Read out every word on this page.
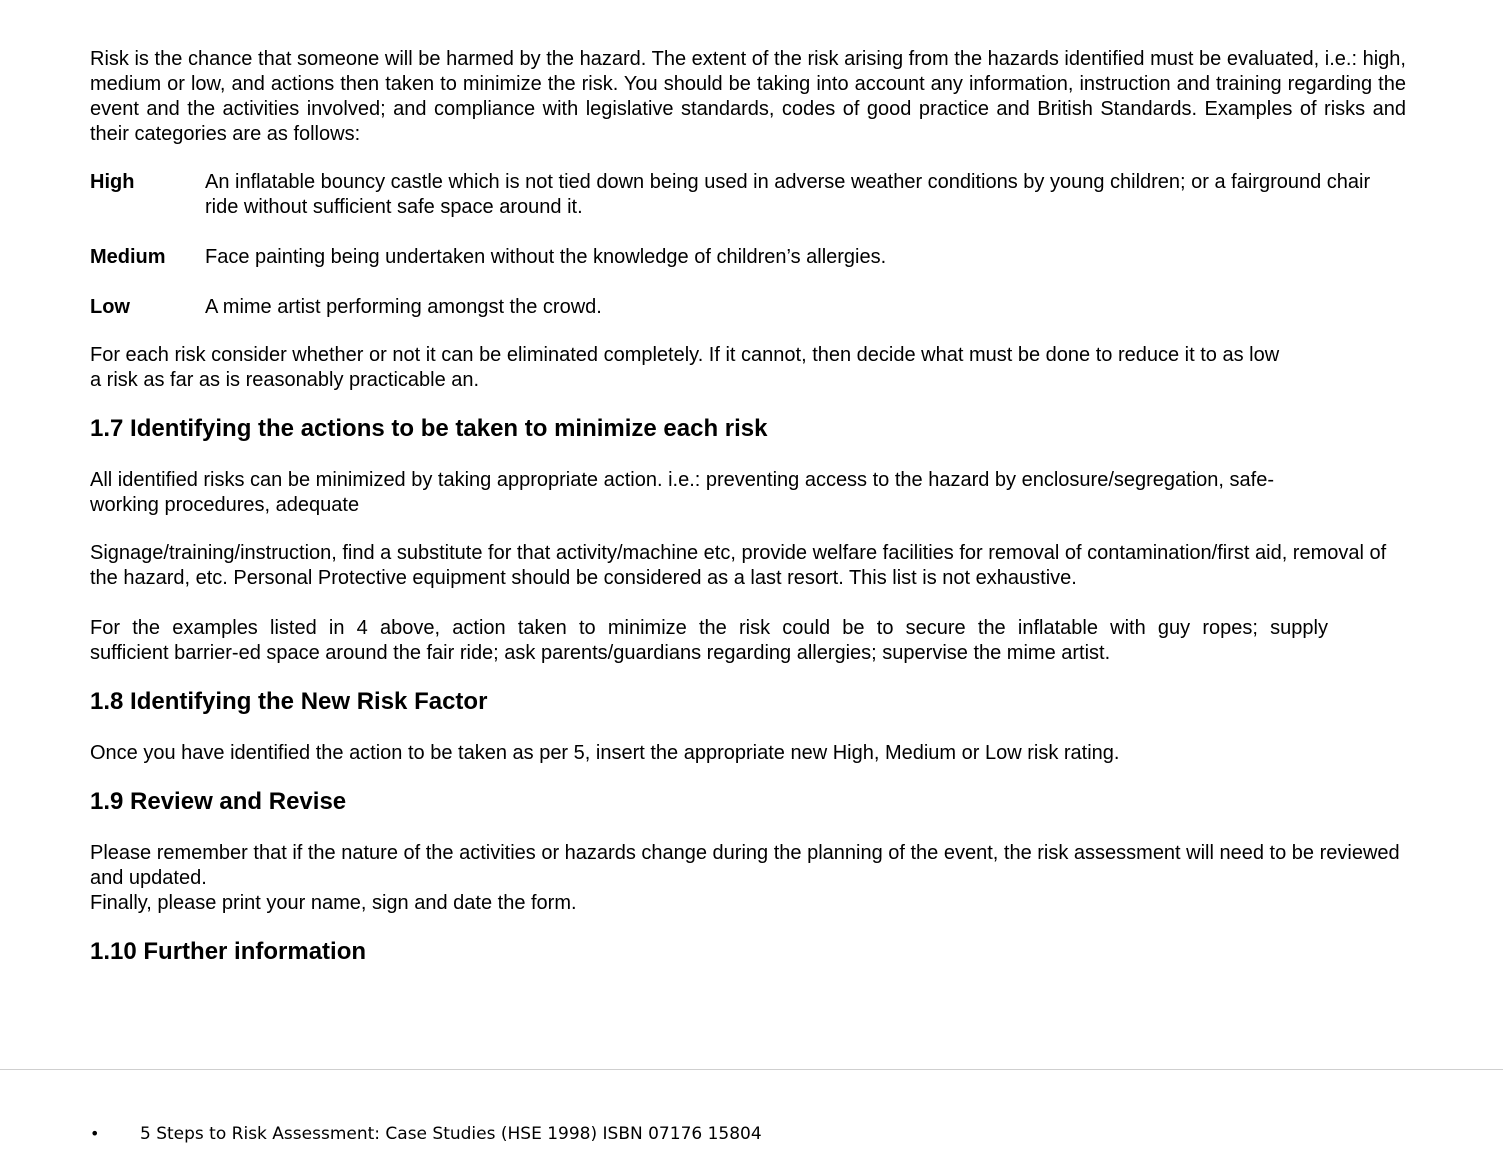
Risk is the chance that someone will be harmed by the hazard. The extent of the risk arising from the hazards identified must be evaluated, i.e.: high, medium or low, and actions then taken to minimize the risk. You should be taking into account any information, instruction and training regarding the event and the activities involved; and compliance with legislative standards, codes of good practice and British Standards. Examples of risks and their categories are as follows:

High	An inflatable bouncy castle which is not tied down being used in adverse weather conditions by young children; or a fairground chair ride without sufficient safe space around it.
Medium	Face painting being undertaken without the knowledge of children’s allergies.
Low	A mime artist performing amongst the crowd.

For each risk consider whether or not it can be eliminated completely. If it cannot, then decide what must be done to reduce it to as low

a risk as far as is reasonably practicable an.

1.7 Identifying the actions to be taken to minimize each risk

All identified risks can be minimized by taking appropriate action. i.e.: preventing access to the hazard by enclosure/segregation, safe-

working procedures, adequate

Signage/training/instruction, find a substitute for that activity/machine etc, provide welfare facilities for removal of contamination/first aid, removal of the hazard, etc. Personal Protective equipment should be considered as a last resort. This list is not exhaustive.

For the examples listed in 4 above, action taken to minimize the risk could be to secure the inflatable with guy ropes; supply

sufficient barrier-ed space around the fair ride; ask parents/guardians regarding allergies; supervise the mime artist.

1.8 Identifying the New Risk Factor

Once you have identified the action to be taken as per 5, insert the appropriate new High, Medium or Low risk rating.

1.9 Review and Revise

Please remember that if the nature of the activities or hazards change during the planning of the event, the risk assessment will need to be reviewed and updated.

Finally, please print your name, sign and date the form.

1.10 Further information
•	5 Steps to Risk Assessment: Case Studies (HSE 1998) ISBN 07176 15804
